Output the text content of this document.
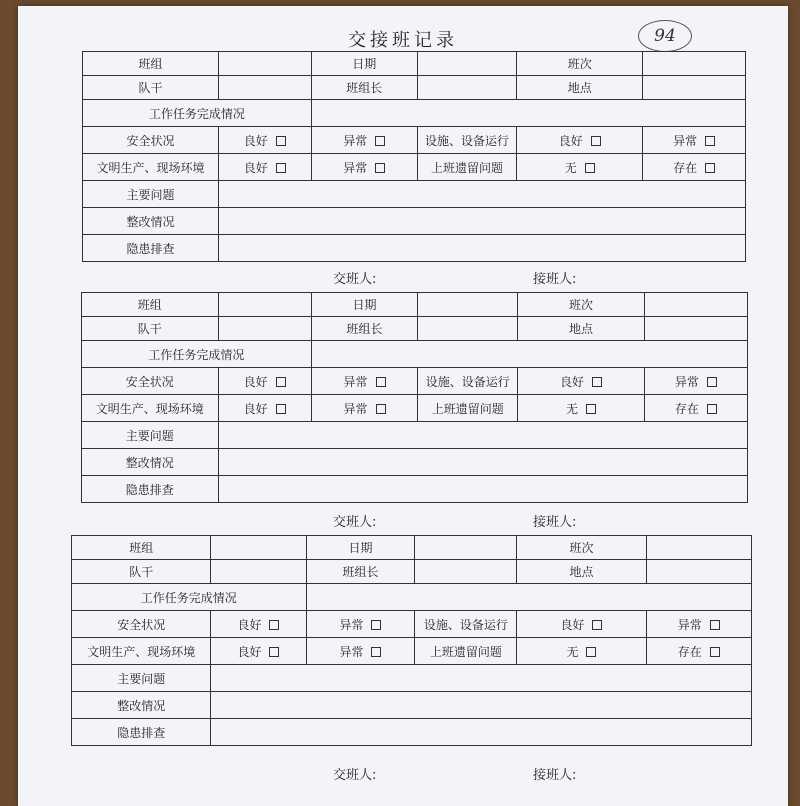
交接班记录	94
班组		日期		班次	
队干		班组长		地点	
工作任务完成情况					
安全状况	良好	异常	设施、设备运行	良好	异常
文明生产、现场环境	良好	异常	上班遗留问题	无	存在
主要问题					
整改情况					
隐患排查					
交班人:	接班人:
班组		日期		班次	
队干		班组长		地点	
工作任务完成情况					
安全状况	良好	异常	设施、设备运行	良好	异常
文明生产、现场环境	良好	异常	上班遗留问题	无	存在
主要问题					
整改情况					
隐患排查					
交班人:	接班人:
班组		日期		班次	
队干		班组长		地点	
工作任务完成情况					
安全状况	良好	异常	设施、设备运行	良好	异常
文明生产、现场环境	良好	异常	上班遗留问题	无	存在
主要问题					
整改情况					
隐患排查					
交班人:	接班人:
